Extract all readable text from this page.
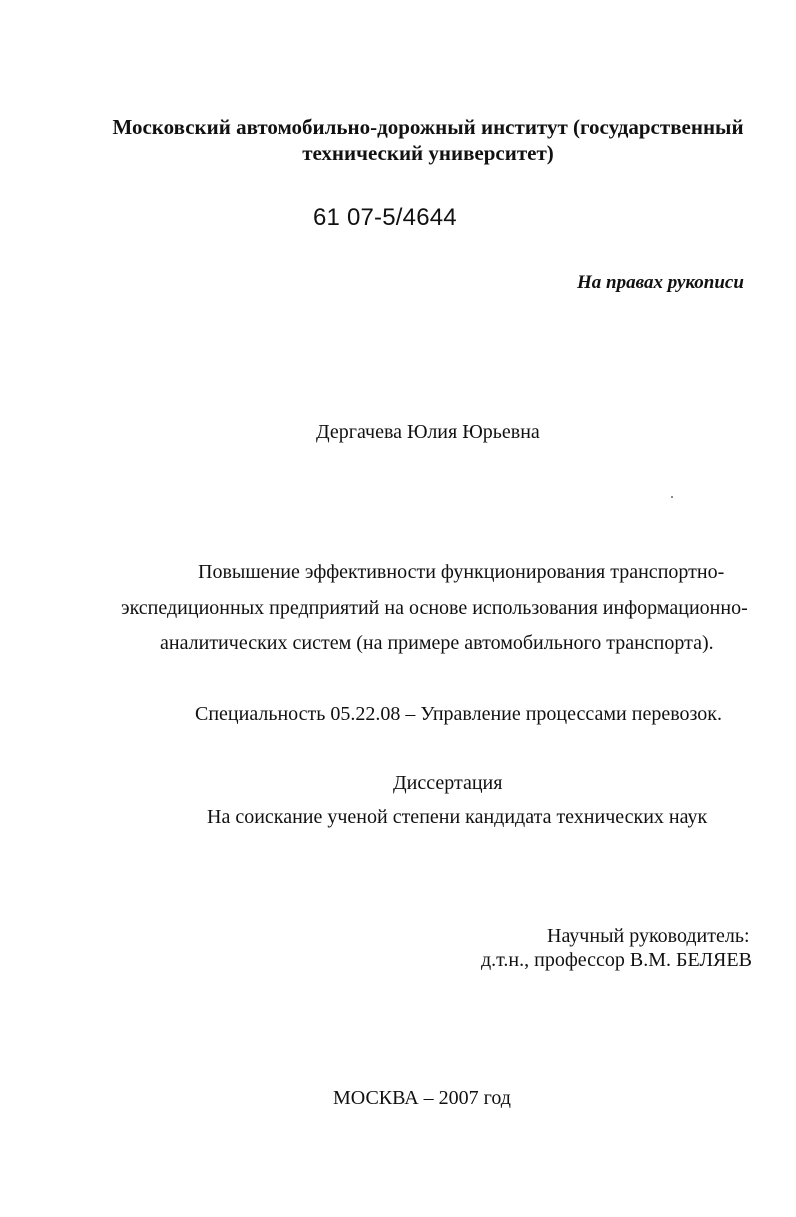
Московский автомобильно-дорожный институт (государственный
технический университет)
61 07-5/4644
На правах рукописи
Дергачева Юлия Юрьевна
Повышение эффективности функционирования транспортно-
экспедиционных предприятий на основе использования информационно-
аналитических систем (на примере автомобильного транспорта).
Специальность 05.22.08 – Управление процессами перевозок.
Диссертация
На соискание ученой степени кандидата технических наук
Научный руководитель:
д.т.н., профессор В.М. БЕЛЯЕВ
МОСКВА – 2007 год
